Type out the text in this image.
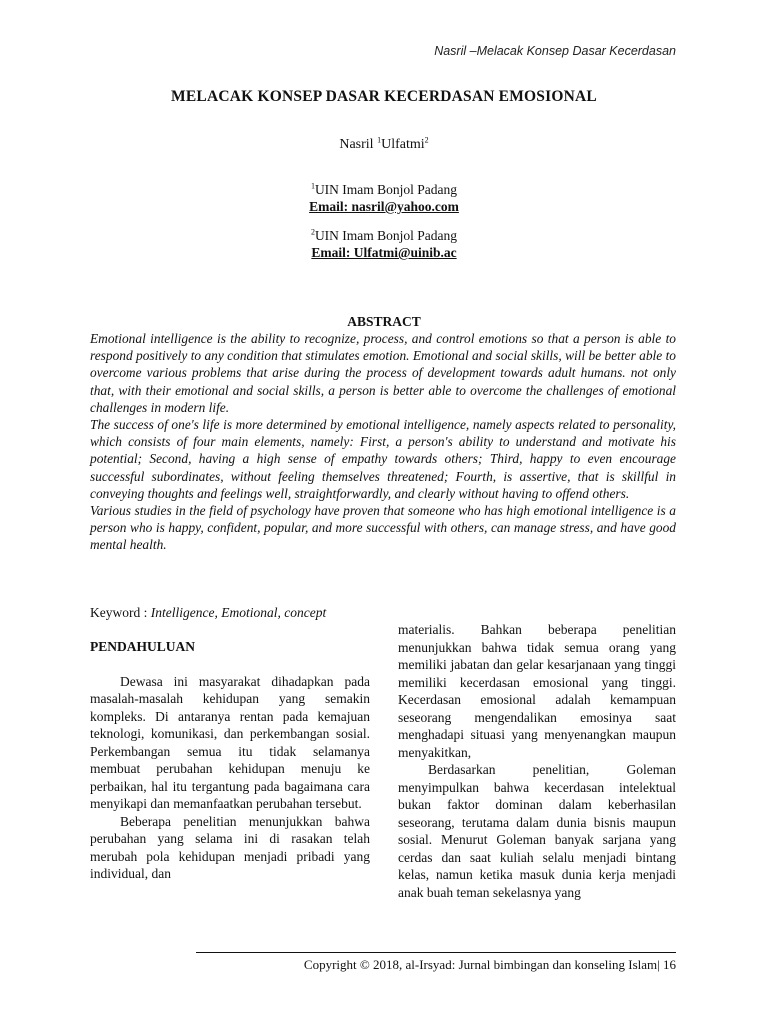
Nasril –Melacak Konsep Dasar Kecerdasan
MELACAK KONSEP DASAR KECERDASAN EMOSIONAL
Nasril $^1$Ulfatmi$^2$
$^1$UIN Imam Bonjol Padang
Email: nasril@yahoo.com
$^2$UIN Imam Bonjol Padang
Email: Ulfatmi@uinib.ac
ABSTRACT

Emotional intelligence is the ability to recognize, process, and control emotions so that a person is able to respond positively to any condition that stimulates emotion. Emotional and social skills, will be better able to overcome various problems that arise during the process of development towards adult humans. not only that, with their emotional and social skills, a person is better able to overcome the challenges of emotional challenges in modern life.

The success of one's life is more determined by emotional intelligence, namely aspects related to personality, which consists of four main elements, namely: First, a person's ability to understand and motivate his potential; Second, having a high sense of empathy towards others; Third, happy to even encourage successful subordinates, without feeling themselves threatened; Fourth, is assertive, that is skillful in conveying thoughts and feelings well, straightforwardly, and clearly without having to offend others.

Various studies in the field of psychology have proven that someone who has high emotional intelligence is a person who is happy, confident, popular, and more successful with others, can manage stress, and have good mental health.

Keyword : Intelligence, Emotional, concept
PENDAHULUAN

Dewasa ini masyarakat dihadapkan pada masalah-masalah kehidupan yang semakin kompleks. Di antaranya rentan pada kemajuan teknologi, komunikasi, dan perkembangan sosial. Perkembangan semua itu tidak selamanya membuat perubahan kehidupan menuju ke perbaikan, hal itu tergantung pada bagaimana cara menyikapi dan memanfaatkan perubahan tersebut.

Beberapa penelitian menunjukkan bahwa perubahan yang selama ini di rasakan telah merubah pola kehidupan menjadi pribadi yang individual, dan

materialis. Bahkan beberapa penelitian menunjukkan bahwa tidak semua orang yang memiliki jabatan dan gelar kesarjanaan yang tinggi memiliki kecerdasan emosional yang tinggi. Kecerdasan emosional adalah kemampuan seseorang mengendalikan emosinya saat menghadapi situasi yang menyenangkan maupun menyakitkan,

Berdasarkan penelitian, Goleman menyimpulkan bahwa kecerdasan intelektual bukan faktor dominan dalam keberhasilan seseorang, terutama dalam dunia bisnis maupun sosial. Menurut Goleman banyak sarjana yang cerdas dan saat kuliah selalu menjadi bintang kelas, namun ketika masuk dunia kerja menjadi anak buah teman sekelasnya yang

Copyright © 2018, al-Irsyad: Jurnal bimbingan dan konseling Islam| 16
